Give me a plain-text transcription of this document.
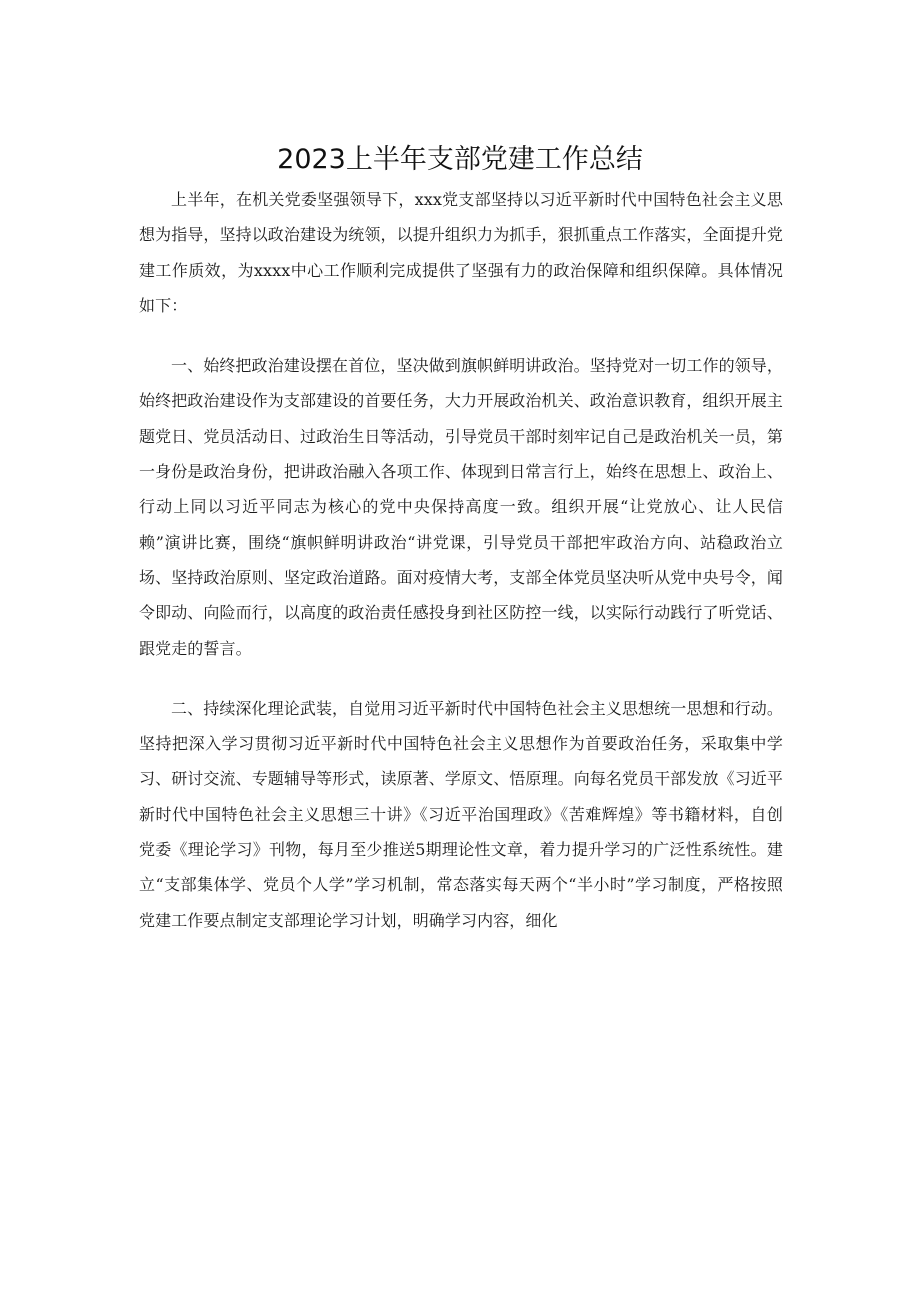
2023上半年支部党建工作总结

上半年，在机关党委坚强领导下，xxx党支部坚持以习近平新时代中国特色社会主义思想为指导，坚持以政治建设为统领，以提升组织力为抓手，狠抓重点工作落实，全面提升党建工作质效，为xxxx中心工作顺利完成提供了坚强有力的政治保障和组织保障。具体情况如下：

一、始终把政治建设摆在首位，坚决做到旗帜鲜明讲政治。坚持党对一切工作的领导，始终把政治建设作为支部建设的首要任务，大力开展政治机关、政治意识教育，组织开展主题党日、党员活动日、过政治生日等活动，引导党员干部时刻牢记自己是政治机关一员，第一身份是政治身份，把讲政治融入各项工作、体现到日常言行上，始终在思想上、政治上、行动上同以习近平同志为核心的党中央保持高度一致。组织开展“让党放心、让人民信赖”演讲比赛，围绕“旗帜鲜明讲政治“讲党课，引导党员干部把牢政治方向、站稳政治立场、坚持政治原则、坚定政治道路。面对疫情大考，支部全体党员坚决听从党中央号令，闻令即动、向险而行，以高度的政治责任感投身到社区防控一线，以实际行动践行了听党话、跟党走的誓言。

二、持续深化理论武装，自觉用习近平新时代中国特色社会主义思想统一思想和行动。坚持把深入学习贯彻习近平新时代中国特色社会主义思想作为首要政治任务，采取集中学习、研讨交流、专题辅导等形式，读原著、学原文、悟原理。向每名党员干部发放《习近平新时代中国特色社会主义思想三十讲》《习近平治国理政》《苦难辉煌》等书籍材料，自创党委《理论学习》刊物，每月至少推送5期理论性文章，着力提升学习的广泛性系统性。建立“支部集体学、党员个人学”学习机制，常态落实每天两个“半小时”学习制度，严格按照党建工作要点制定支部理论学习计划，明确学习内容，细化
